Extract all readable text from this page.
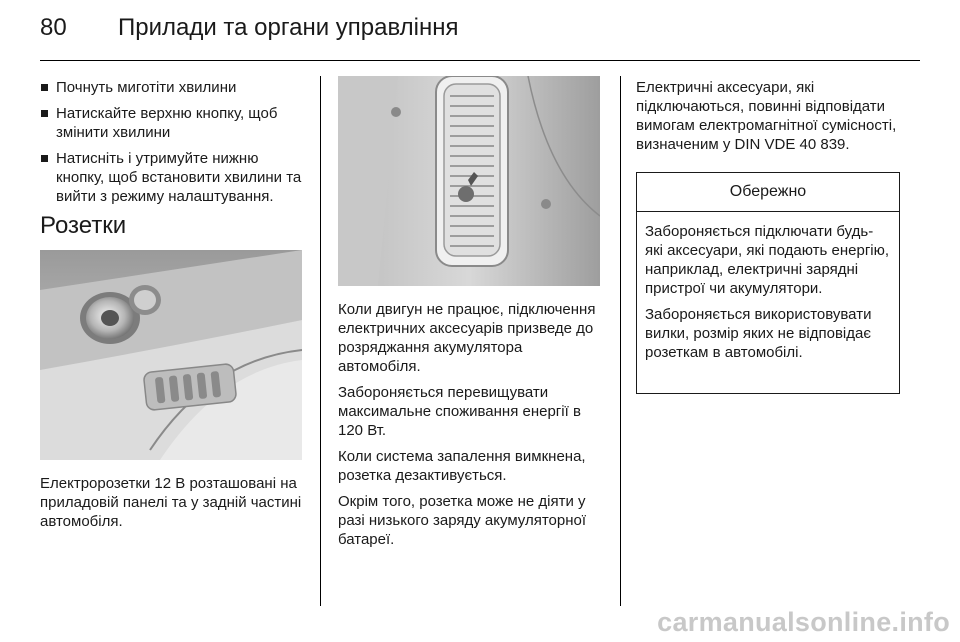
80 Прилади та органи управління
Почнуть миготіти хвилини
Натискайте верхню кнопку, щоб змінити хвилини
Натисніть і утримуйте нижню кнопку, щоб встановити хвилини та вийти з режиму налаштування.
Розетки
Електророзетки 12 В розташовані на приладовій панелі та у задній частині автомобіля.

Коли двигун не працює, підключення електричних аксесуарів призведе до розряджання акумулятора автомобіля.

Забороняється перевищувати максимальне споживання енергії в 120 Вт.

Коли система запалення вимкнена, розетка дезактивується.

Окрім того, розетка може не діяти у разі низького заряду акумуляторної батареї.

Електричні аксесуари, які підключаються, повинні відповідати вимогам електромагнітної сумісності, визначеним у DIN VDE 40 839.
Обережно

Забороняється підключати будь-які аксесуари, які подають енергію, наприклад, електричні зарядні пристрої чи акумулятори.

Забороняється використовувати вилки, розмір яких не відповідає розеткам в автомобілі.

carmanualsonline.info
